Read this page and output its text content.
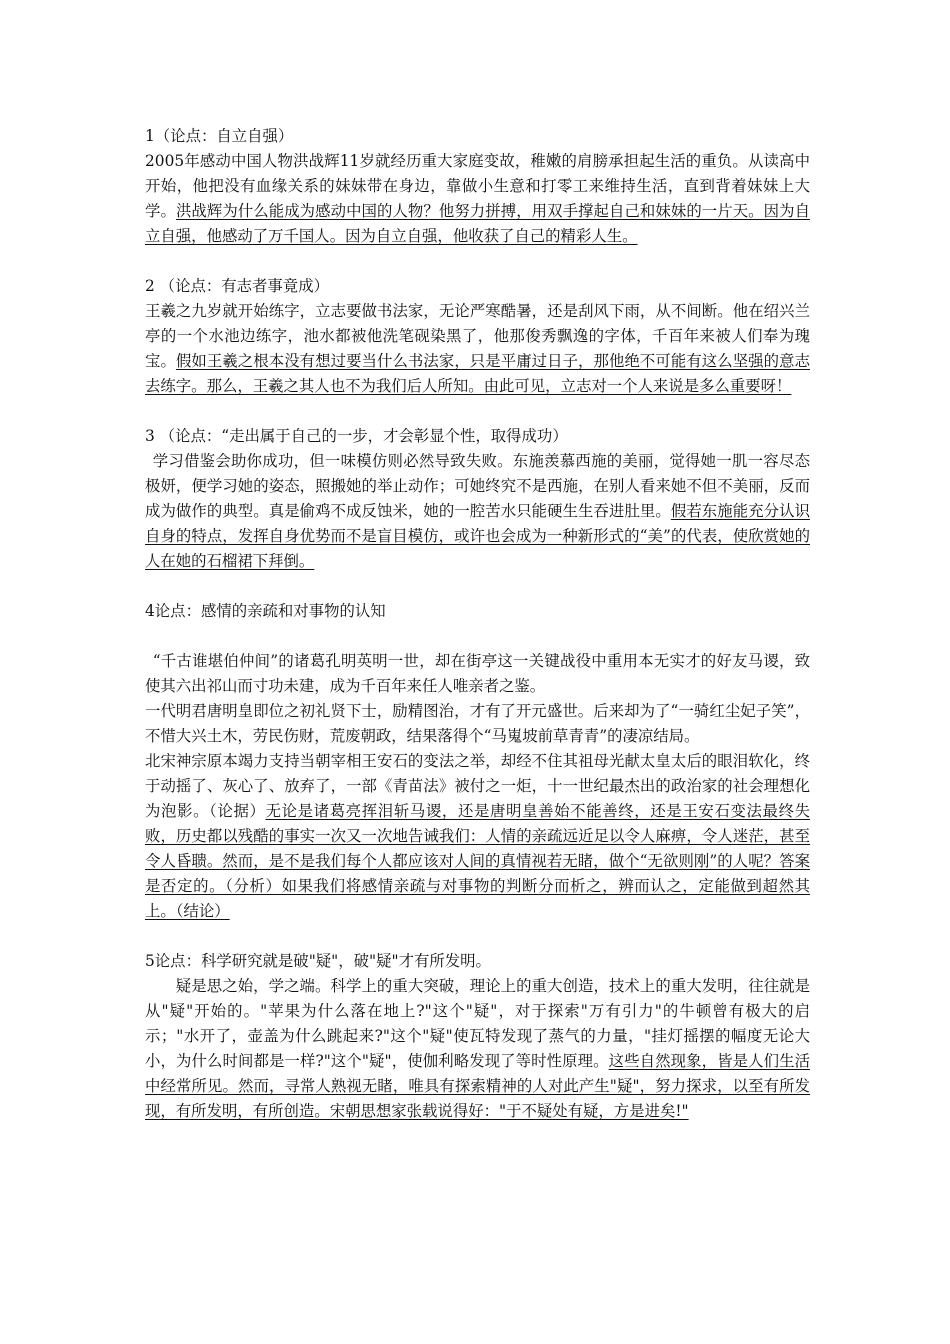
1（论点：自立自强）
2005年感动中国人物洪战辉11岁就经历重大家庭变故，稚嫩的肩膀承担起生活的重负。从读高中开始，他把没有血缘关系的妹妹带在身边，靠做小生意和打零工来维持生活，直到背着妹妹上大学。洪战辉为什么能成为感动中国的人物？他努力拼搏，用双手撑起自己和妹妹的一片天。因为自立自强，他感动了万千国人。因为自立自强，他收获了自己的精彩人生。
2 （论点：有志者事竟成）
王羲之九岁就开始练字，立志要做书法家，无论严寒酷暑，还是刮风下雨，从不间断。他在绍兴兰亭的一个水池边练字，池水都被他洗笔砚染黑了，他那俊秀飘逸的字体，千百年来被人们奉为瑰宝。假如王羲之根本没有想过要当什么书法家，只是平庸过日子，那他绝不可能有这么坚强的意志去练字。那么，王羲之其人也不为我们后人所知。由此可见，立志对一个人来说是多么重要呀！
3 （论点：“走出属于自己的一步，才会彰显个性，取得成功）
学习借鉴会助你成功，但一味模仿则必然导致失败。东施羡慕西施的美丽，觉得她一肌一容尽态极妍，便学习她的姿态，照搬她的举止动作；可她终究不是西施，在别人看来她不但不美丽，反而成为做作的典型。真是偷鸡不成反蚀米，她的一腔苦水只能硬生生吞进肚里。假若东施能充分认识自身的特点，发挥自身优势而不是盲目模仿，或许也会成为一种新形式的“美”的代表，使欣赏她的人在她的石榴裙下拜倒。
4论点：感情的亲疏和对事物的认知
“千古谁堪伯仲间”的诸葛孔明英明一世，却在街亭这一关键战役中重用本无实才的好友马谡，致使其六出祁山而寸功未建，成为千百年来任人唯亲者之鉴。
一代明君唐明皇即位之初礼贤下士，励精图治，才有了开元盛世。后来却为了“一骑红尘妃子笑”，不惜大兴土木，劳民伤财，荒废朝政，结果落得个“马嵬坡前草青青”的凄凉结局。
北宋神宗原本竭力支持当朝宰相王安石的变法之举，却经不住其祖母光献太皇太后的眼泪软化，终于动摇了、灰心了、放弃了，一部《青苗法》被付之一炬，十一世纪最杰出的政治家的社会理想化为泡影。（论据）无论是诸葛亮挥泪斩马谡，还是唐明皇善始不能善终，还是王安石变法最终失败，历史都以残酷的事实一次又一次地告诫我们：人情的亲疏远近足以令人麻痹，令人迷茫，甚至令人昏聩。然而，是不是我们每个人都应该对人间的真情视若无睹，做个“无欲则刚”的人呢？答案是否定的。（分析）如果我们将感情亲疏与对事物的判断分而析之，辨而认之，定能做到超然其上。（结论）
5论点：科学研究就是破"疑"，破"疑"才有所发明。
疑是思之始，学之端。科学上的重大突破，理论上的重大创造，技术上的重大发明，往往就是从"疑"开始的。"苹果为什么落在地上?"这个"疑"，对于探索"万有引力"的牛顿曾有极大的启示；"水开了，壶盖为什么跳起来?"这个"疑"使瓦特发现了蒸气的力量，"挂灯摇摆的幅度无论大小，为什么时间都是一样?"这个"疑"，使伽利略发现了等时性原理。这些自然现象，皆是人们生活中经常所见。然而，寻常人熟视无睹，唯具有探索精神的人对此产生"疑"，努力探求，以至有所发现，有所发明，有所创造。宋朝思想家张载说得好："于不疑处有疑，方是进矣!"
